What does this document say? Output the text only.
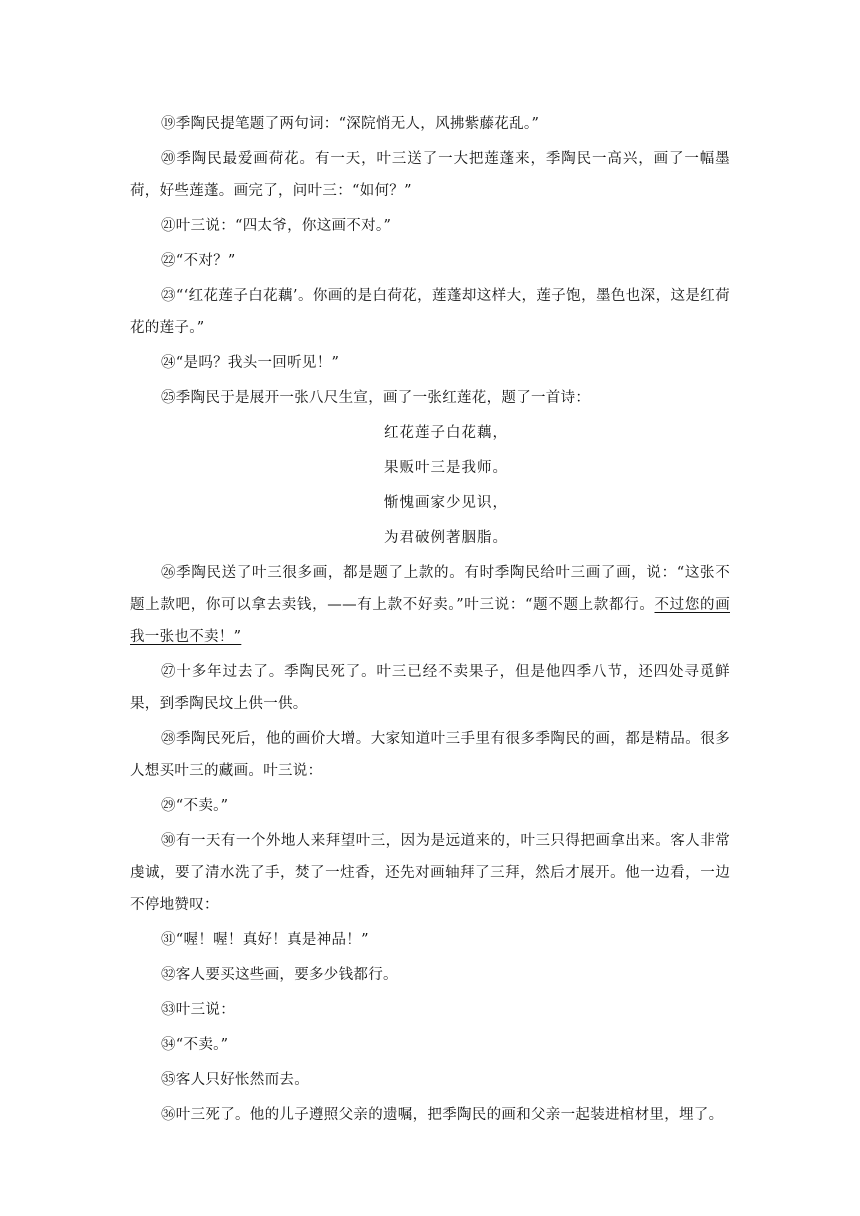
⑲季陶民提笔题了两句词：“深院悄无人，风拂紫藤花乱。”

⑳季陶民最爱画荷花。有一天，叶三送了一大把莲蓬来，季陶民一高兴，画了一幅墨荷，好些莲蓬。画完了，问叶三：“如何？”

㉑叶三说：“四太爷，你这画不对。”

㉒“不对？”

㉓“‘红花莲子白花藕’。你画的是白荷花，莲蓬却这样大，莲子饱，墨色也深，这是红荷花的莲子。”

㉔“是吗？我头一回听见！”

㉕季陶民于是展开一张八尺生宣，画了一张红莲花，题了一首诗：

红花莲子白花藕，
果贩叶三是我师。
惭愧画家少见识，
为君破例著胭脂。

㉖季陶民送了叶三很多画，都是题了上款的。有时季陶民给叶三画了画，说：“这张不题上款吧，你可以拿去卖钱，——有上款不好卖。”叶三说：“题不题上款都行。不过您的画我一张也不卖！”

㉗十多年过去了。季陶民死了。叶三已经不卖果子，但是他四季八节，还四处寻觅鲜果，到季陶民坟上供一供。

㉘季陶民死后，他的画价大增。大家知道叶三手里有很多季陶民的画，都是精品。很多人想买叶三的藏画。叶三说：

㉙“不卖。”

㉚有一天有一个外地人来拜望叶三，因为是远道来的，叶三只得把画拿出来。客人非常虔诚，要了清水洗了手，焚了一炷香，还先对画轴拜了三拜，然后才展开。他一边看，一边不停地赞叹：

㉛“喔！喔！真好！真是神品！”

㉜客人要买这些画，要多少钱都行。

㉝叶三说：

㉞“不卖。”

㉟客人只好怅然而去。

㊱叶三死了。他的儿子遵照父亲的遗嘱，把季陶民的画和父亲一起装进棺材里，埋了。
